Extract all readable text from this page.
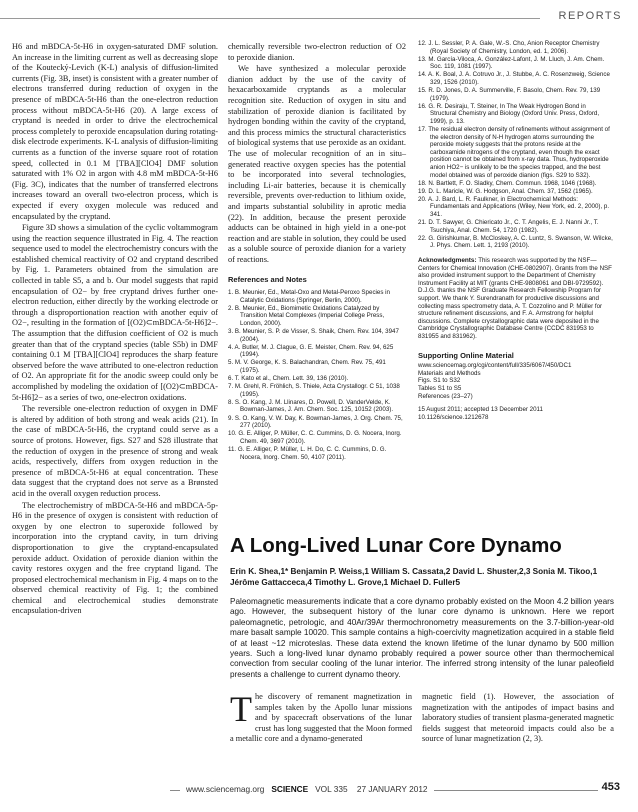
REPORTS

H6 and mBDCA-5t-H6 in oxygen-saturated DMF solution. An increase in the limiting current as well as decreasing slope of the Koutecký-Levich (K-L) analysis of diffusion-limited currents (Fig. 3B, inset) is consistent with a greater number of electrons transferred during reduction of oxygen in the presence of mBDCA-5t-H6 than the one-electron reduction process without mBDCA-5t-H6 (20). A large excess of cryptand is needed in order to drive the electrochemical process completely to peroxide encapsulation during rotating-disk electrode experiments. K-L analysis of diffusion-limiting currents as a function of the inverse square root of rotation speed, collected in 0.1 M [TBA][ClO4] DMF solution saturated with 1% O2 in argon with 4.8 mM mBDCA-5t-H6 (Fig. 3C), indicates that the number of transferred electrons increases toward an overall two-electron process, which is expected if every oxygen molecule was reduced and encapsulated by the cryptand.

Figure 3D shows a simulation of the cyclic voltammogram using the reaction sequence illustrated in Fig. 4. The reaction sequence used to model the electrochemistry concurs with the established chemical reactivity of O2 and cryptand described by Fig. 1. Parameters obtained from the simulation are collected in table S5, a and b. Our model suggests that rapid encapsulation of O2− by free cryptand drives further one-electron reduction, either directly by the working electrode or through a disproportionation reaction with another equiv of O2−, resulting in the formation of [(O2)⊂mBDCA-5t-H6]2−. The assumption that the diffusion coefficient of O2 is much greater than that of the cryptand species (table S5b) in DMF containing 0.1 M [TBA][ClO4] reproduces the sharp feature observed before the wave attributed to one-electron reduction of O2. An appropriate fit for the anodic sweep could only be accomplished by modeling the oxidation of [(O2)⊂mBDCA-5t-H6]2− as a series of two, one-electron oxidations.

The reversible one-electron reduction of oxygen in DMF is altered by addition of both strong and weak acids (21). In the case of mBDCA-5t-H6, the cryptand could serve as a source of protons. However, figs. S27 and S28 illustrate that the reduction of oxygen in the presence of strong and weak acids, respectively, differs from oxygen reduction in the presence of mBDCA-5t-H6 at equal concentration. These data suggest that the cryptand does not serve as a Brønsted acid in the overall oxygen reduction process.

The electrochemistry of mBDCA-5t-H6 and mBDCA-5p-H6 in the presence of oxygen is consistent with reduction of oxygen by one electron to superoxide followed by incorporation into the cryptand cavity, in turn driving disproportionation to give the cryptand-encapsulated peroxide adduct. Oxidation of peroxide dianion within the cavity restores oxygen and the free cryptand ligand. The proposed electrochemical mechanism in Fig. 4 maps on to the observed chemical reactivity of Fig. 1; the combined chemical and electrochemical studies demonstrate encapsulation-driven

chemically reversible two-electron reduction of O2 to peroxide dianion.

We have synthesized a molecular peroxide dianion adduct by the use of the cavity of hexacarboxamide cryptands as a molecular recognition site. Reduction of oxygen in situ and stabilization of peroxide dianion is facilitated by hydrogen bonding within the cavity of the cryptand, and this process mimics the structural characteristics of biological systems that use peroxide as an oxidant. The use of molecular recognition of an in situ–generated reactive oxygen species has the potential to be incorporated into several technologies, including Li-air batteries, because it is chemically reversible, prevents over-reduction to lithium oxide, and imparts substantial solubility in aprotic media (22). In addition, because the present peroxide adducts can be obtained in high yield in a one-pot reaction and are stable in solution, they could be used as a soluble source of peroxide dianion for a variety of reactions.

References and Notes
1. B. Meunier, Ed., Metal-Oxo and Metal-Peroxo Species in Catalytic Oxidations (Springer, Berlin, 2000).
2. B. Meunier, Ed., Biomimetic Oxidations Catalyzed by Transition Metal Complexes (Imperial College Press, London, 2000).
3. B. Meunier, S. P. de Visser, S. Shaik, Chem. Rev. 104, 3947 (2004).
4. A. Butler, M. J. Clague, G. E. Meister, Chem. Rev. 94, 625 (1994).
5. M. V. George, K. S. Balachandran, Chem. Rev. 75, 491 (1975).
6. T. Kato et al., Chem. Lett. 39, 136 (2010).
7. M. Grehl, R. Fröhlich, S. Thiele, Acta Crystallogr. C 51, 1038 (1995).
8. S. O. Kang, J. M. Llinares, D. Powell, D. VanderVelde, K. Bowman-James, J. Am. Chem. Soc. 125, 10152 (2003).
9. S. O. Kang, V. W. Day, K. Bowman-James, J. Org. Chem. 75, 277 (2010).
10. G. E. Alliger, P. Müller, C. C. Cummins, D. G. Nocera, Inorg. Chem. 49, 3697 (2010).
11. G. E. Alliger, P. Müller, L. H. Do, C. C. Cummins, D. G. Nocera, Inorg. Chem. 50, 4107 (2011).
12. J. L. Sessler, P. A. Gale, W.-S. Cho, Anion Receptor Chemistry (Royal Society of Chemistry, London, ed. 1, 2006).
13. M. García-Viloca, A. González-Lafont, J. M. Lluch, J. Am. Chem. Soc. 119, 1081 (1997).
14. A. K. Boal, J. A. Cotruvo Jr., J. Stubbe, A. C. Rosenzweig, Science 329, 1526 (2010).
15. R. D. Jones, D. A. Summerville, F. Basolo, Chem. Rev. 79, 139 (1979).
16. G. R. Desiraju, T. Steiner, In The Weak Hydrogen Bond in Structural Chemistry and Biology (Oxford Univ. Press, Oxford, 1999), p. 13.
17. The residual electron density of refinements without assignment of the electron density of N-H hydrogen atoms surrounding the peroxide moiety suggests that the protons reside at the carboxamide nitrogens of the cryptand, even though the exact position cannot be obtained from x-ray data. Thus, hydroperoxide anion HO2− is unlikely to be the species trapped, and the best model obtained was of peroxide dianion (figs. S29 to S32).
18. N. Bartlett, F. O. Sladky, Chem. Commun. 1968, 1046 (1968).
19. D. L. Maricle, W. G. Hodgson, Anal. Chem. 37, 1562 (1965).
20. A. J. Bard, L. R. Faulkner, in Electrochemical Methods: Fundamentals and Applications (Wiley, New York, ed. 2, 2000), p. 341.
21. D. T. Sawyer, G. Chiericato Jr., C. T. Angelis, E. J. Nanni Jr., T. Tsuchiya, Anal. Chem. 54, 1720 (1982).
22. G. Girishkumar, B. McCloskey, A. C. Luntz, S. Swanson, W. Wilcke, J. Phys. Chem. Lett. 1, 2193 (2010).
Acknowledgments: This research was supported by the NSF—Centers for Chemical Innovation (CHE-0802907). Grants from the NSF also provided instrument support to the Department of Chemistry Instrument Facility at MIT (grants CHE-9808061 and DBI-9729592). D.J.G. thanks the NSF Graduate Research Fellowship Program for support. We thank Y. Surendranath for productive discussions and collecting mass spectrometry data, A. T. Cozzolino and P. Müller for structure refinement discussions, and F. A. Armstrong for helpful discussions. Complete crystallographic data were deposited in the Cambridge Crystallographic Database Centre (CCDC 831953 to 831955 and 831962).
Supporting Online Material
www.sciencemag.org/cgi/content/full/335/6067/450/DC1
Materials and Methods
Figs. S1 to S32
Tables S1 to S5
References (23–27)
15 August 2011; accepted 13 December 2011
10.1126/science.1212678
A Long-Lived Lunar Core Dynamo
Erin K. Shea,1* Benjamin P. Weiss,1 William S. Cassata,2 David L. Shuster,2,3 Sonia M. Tikoo,1 Jérôme Gattacceca,4 Timothy L. Grove,1 Michael D. Fuller5
Paleomagnetic measurements indicate that a core dynamo probably existed on the Moon 4.2 billion years ago. However, the subsequent history of the lunar core dynamo is unknown. Here we report paleomagnetic, petrologic, and 40Ar/39Ar thermochronometry measurements on the 3.7-billion-year-old mare basalt sample 10020. This sample contains a high-coercivity magnetization acquired in a stable field of at least ~12 microteslas. These data extend the known lifetime of the lunar dynamo by 500 million years. Such a long-lived lunar dynamo probably required a power source other than thermochemical convection from secular cooling of the lunar interior. The inferred strong intensity of the lunar paleofield presents a challenge to current dynamo theory.
The discovery of remanent magnetization in samples taken by the Apollo lunar missions and by spacecraft observations of the lunar crust has long suggested that the Moon formed a metallic core and a dynamo-generated
magnetic field (1). However, the association of magnetization with the antipodes of impact basins and laboratory studies of transient plasma-generated magnetic fields suggest that meteoroid impacts could also be a source of lunar magnetization (2, 3).
www.sciencemag.org SCIENCE VOL 335 27 JANUARY 2012	453
